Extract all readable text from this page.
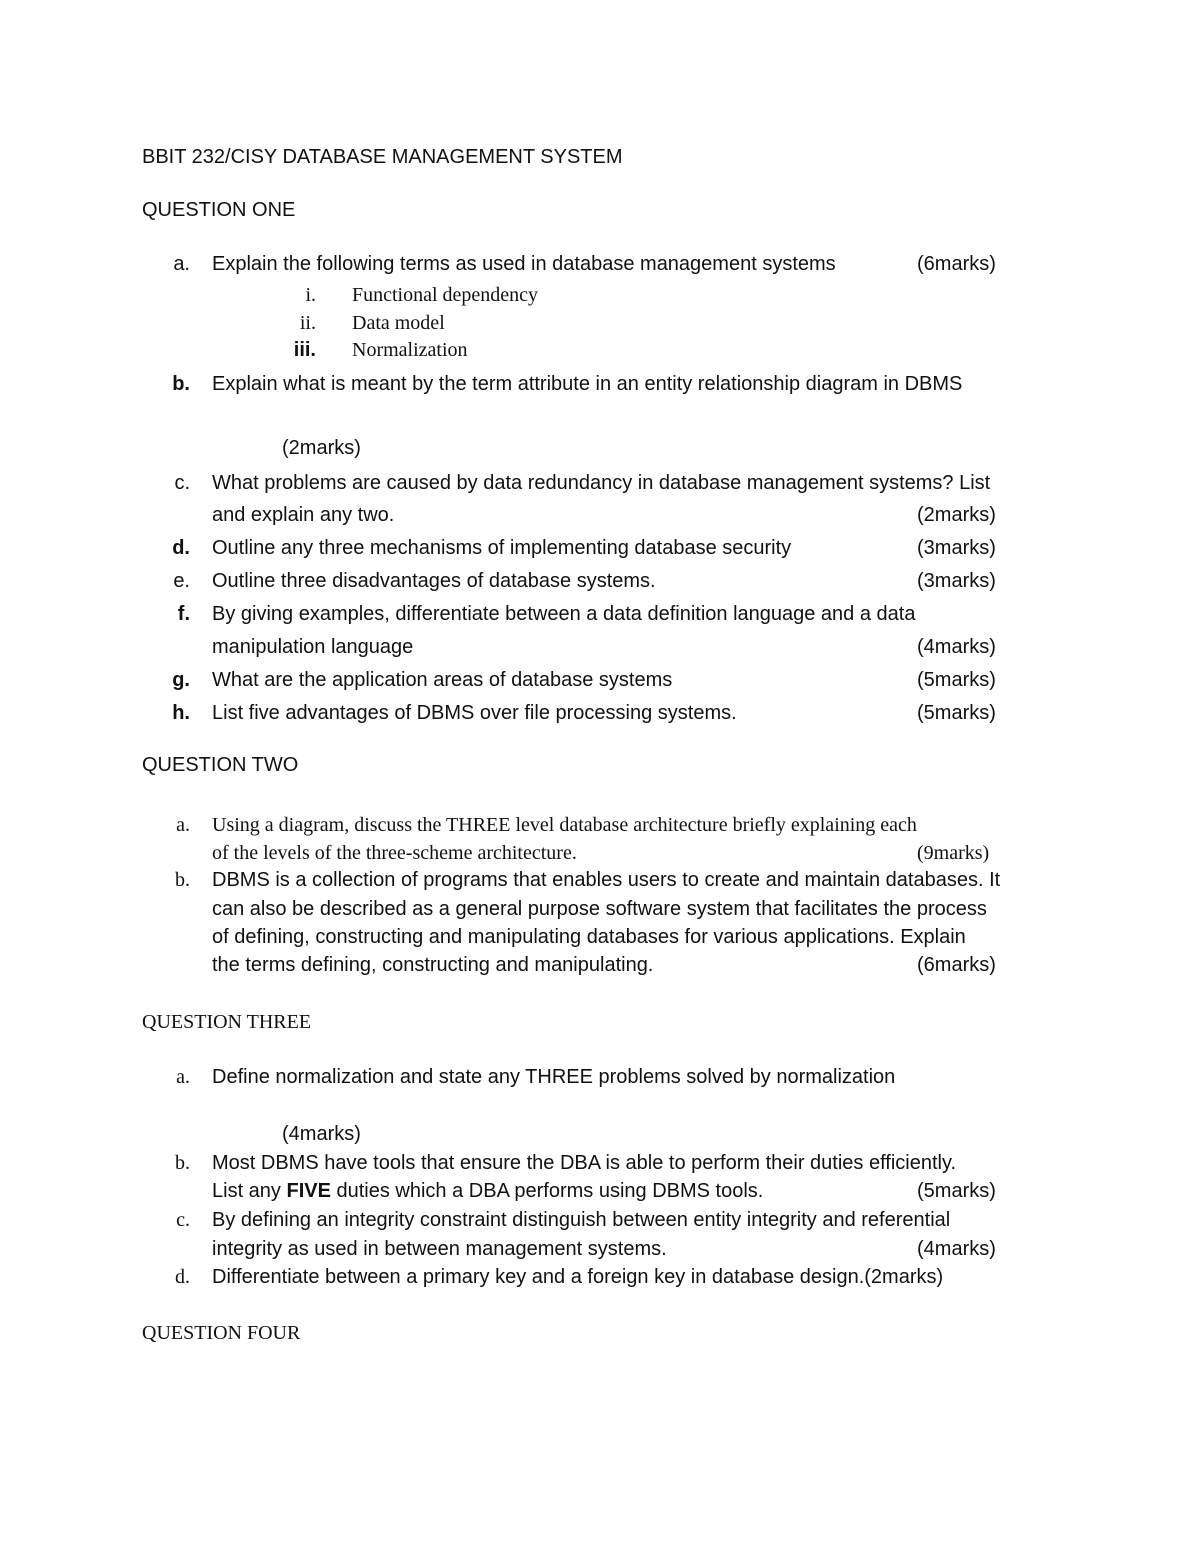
BBIT 232/CISY DATABASE MANAGEMENT SYSTEM
QUESTION ONE
a. Explain the following terms as used in database management systems	(6marks)
i. Functional dependency
ii. Data model
iii. Normalization
b. Explain what is meant by the term attribute in an entity relationship diagram in DBMS
(2marks)
c. What problems are caused by data redundancy in database management systems? List
and explain any two.	(2marks)
d. Outline any three mechanisms of implementing database security	(3marks)
e. Outline three disadvantages of database systems.	(3marks)
f. By giving examples, differentiate between a data definition language and a data
manipulation language	(4marks)
g. What are the application areas of database systems	(5marks)
h. List five advantages of DBMS over file processing systems.	(5marks)
QUESTION TWO
a. Using a diagram, discuss the THREE level database architecture briefly explaining each
of the levels of the three-scheme architecture.	(9marks)
b. DBMS is a collection of programs that enables users to create and maintain databases. It
can also be described as a general purpose software system that facilitates the process
of defining, constructing and manipulating databases for various applications. Explain
the terms defining, constructing and manipulating.	(6marks)
QUESTION THREE
a. Define normalization and state any THREE problems solved by normalization
(4marks)
b. Most DBMS have tools that ensure the DBA is able to perform their duties efficiently.
List any FIVE duties which a DBA performs using DBMS tools.	(5marks)
c. By defining an integrity constraint distinguish between entity integrity and referential
integrity as used in between management systems.	(4marks)
d. Differentiate between a primary key and a foreign key in database design.(2marks)
QUESTION FOUR
